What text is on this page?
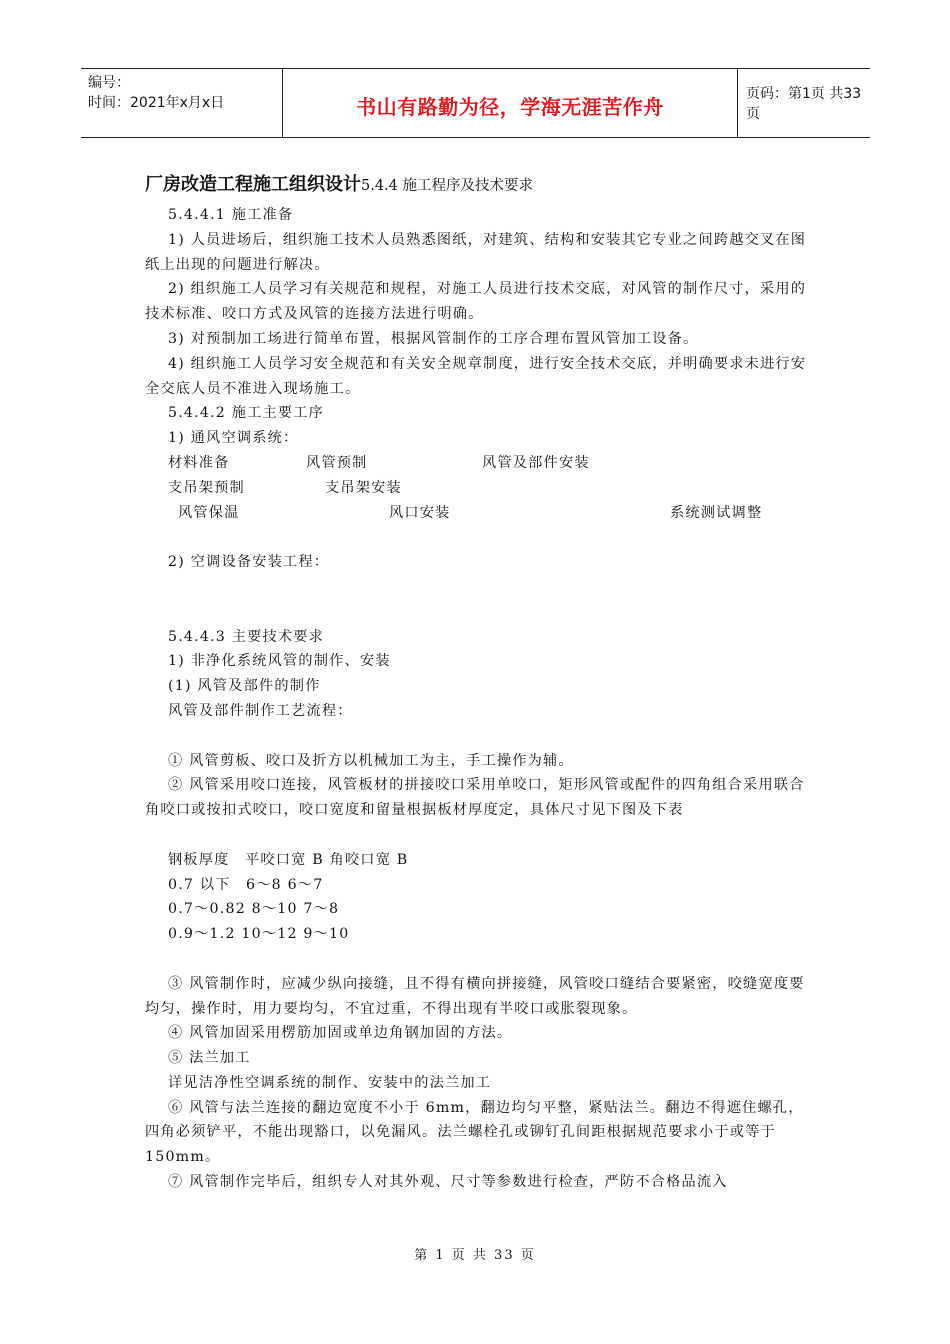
编号：
时间：2021年x月x日	书山有路勤为径，学海无涯苦作舟
页码：第1页 共33页
厂房改造工程施工组织设计5.4.4 施工程序及技术要求

5.4.4.1 施工准备

1) 人员进场后，组织施工技术人员熟悉图纸，对建筑、结构和安装其它专业之间跨越交叉在图纸上出现的问题进行解决。

2) 组织施工人员学习有关规范和规程，对施工人员进行技术交底，对风管的制作尺寸，采用的技术标准、咬口方式及风管的连接方法进行明确。

3) 对预制加工场进行简单布置，根据风管制作的工序合理布置风管加工设备。

4) 组织施工人员学习安全规范和有关安全规章制度，进行安全技术交底，并明确要求未进行安全交底人员不准进入现场施工。

5.4.4.2 施工主要工序

1) 通风空调系统：

材料准备	风管预制	风管及部件安装
支吊架预制	支吊架安装
风管保温	风口安装	系统测试调整

2) 空调设备安装工程：

5.4.4.3 主要技术要求

1) 非净化系统风管的制作、安装

(1) 风管及部件的制作

风管及部件制作工艺流程：

① 风管剪板、咬口及折方以机械加工为主，手工操作为辅。

② 风管采用咬口连接，风管板材的拼接咬口采用单咬口，矩形风管或配件的四角组合采用联合角咬口或按扣式咬口，咬口宽度和留量根据板材厚度定，具体尺寸见下图及下表

钢板厚度　平咬口宽 B 角咬口宽 B

0.7 以下　6～8 6～7

0.7～0.82 8～10 7～8

0.9～1.2 10～12 9～10

③ 风管制作时，应减少纵向接缝，且不得有横向拼接缝，风管咬口缝结合要紧密，咬缝宽度要均匀，操作时，用力要均匀，不宜过重，不得出现有半咬口或胀裂现象。

④ 风管加固采用楞筋加固或单边角钢加固的方法。

⑤ 法兰加工

详见洁净性空调系统的制作、安装中的法兰加工

⑥ 风管与法兰连接的翻边宽度不小于 6mm，翻边均匀平整，紧贴法兰。翻边不得遮住螺孔，四角必须铲平，不能出现豁口，以免漏风。法兰螺栓孔或铆钉孔间距根据规范要求小于或等于 150mm。

⑦ 风管制作完毕后，组织专人对其外观、尺寸等参数进行检查，严防不合格品流入

第 1 页 共 33 页
